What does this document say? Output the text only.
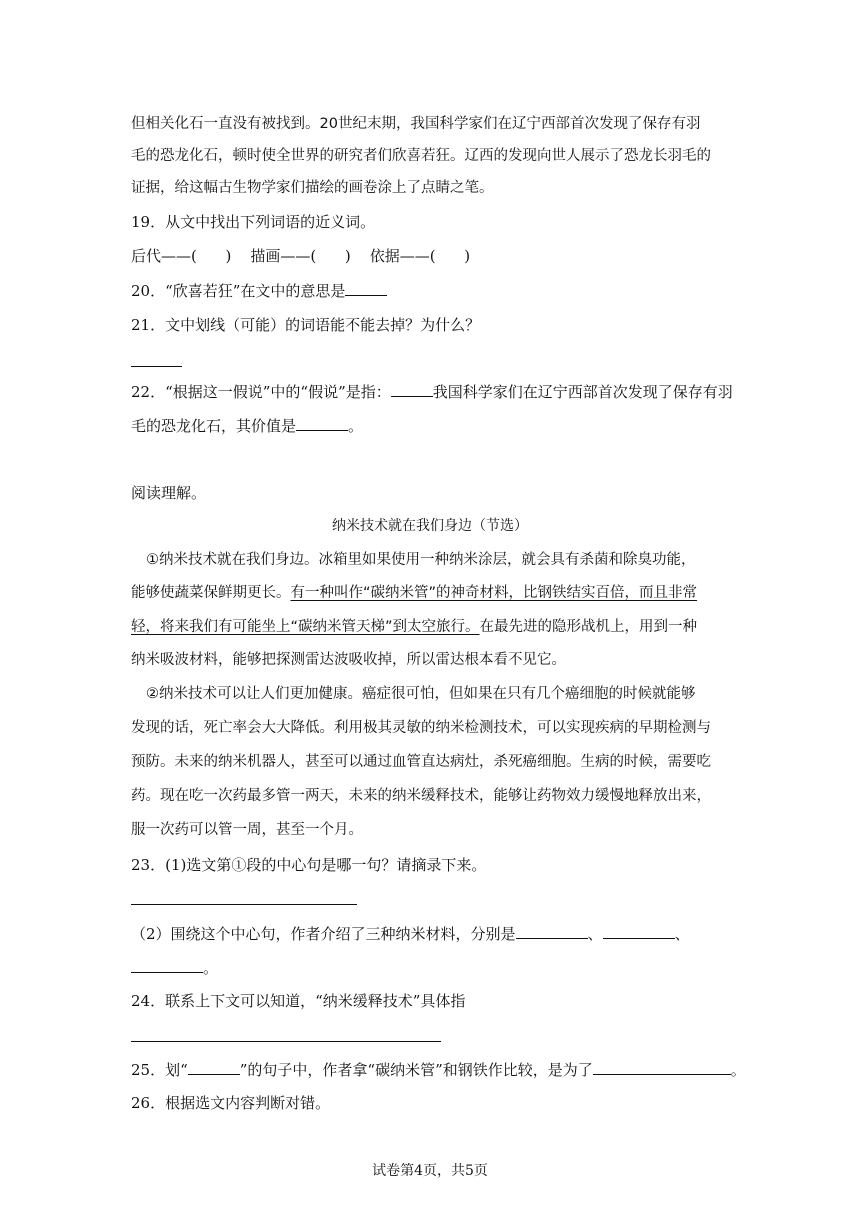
但相关化石一直没有被找到。20世纪末期，我国科学家们在辽宁西部首次发现了保存有羽
毛的恐龙化石，顿时使全世界的研究者们欣喜若狂。辽西的发现向世人展示了恐龙长羽毛的
证据，给这幅古生物学家们描绘的画卷涂上了点睛之笔。
19．从文中找出下列词语的近义词。
后代——(      )    描画——(      )    依据——(      )
20．“欣喜若狂”在文中的意思是
21．文中划线（可能）的词语能不能去掉？为什么？
22．“根据这一假说”中的“假说”是指：	我国科学家们在辽宁西部首次发现了保存有羽
毛的恐龙化石，其价值是	。
阅读理解。
纳米技术就在我们身边（节选）
①纳米技术就在我们身边。冰箱里如果使用一种纳米涂层，就会具有杀菌和除臭功能，
能够使蔬菜保鲜期更长。有一种叫作“碳纳米管”的神奇材料，比钢铁结实百倍，而且非常
轻，将来我们有可能坐上“碳纳米管天梯”到太空旅行。在最先进的隐形战机上，用到一种
纳米吸波材料，能够把探测雷达波吸收掉，所以雷达根本看不见它。
②纳米技术可以让人们更加健康。癌症很可怕，但如果在只有几个癌细胞的时候就能够
发现的话，死亡率会大大降低。利用极其灵敏的纳米检测技术，可以实现疾病的早期检测与
预防。未来的纳米机器人，甚至可以通过血管直达病灶，杀死癌细胞。生病的时候，需要吃
药。现在吃一次药最多管一两天，未来的纳米缓释技术，能够让药物效力缓慢地释放出来，
服一次药可以管一周，甚至一个月。
23．(1)选文第①段的中心句是哪一句？请摘录下来。
（2）围绕这个中心句，作者介绍了三种纳米材料，分别是	、	、
。
24．联系上下文可以知道，“纳米缓释技术”具体指
25．划“	”的句子中，作者拿“碳纳米管”和钢铁作比较，是为了	。
26．根据选文内容判断对错。
试卷第4页，共5页
